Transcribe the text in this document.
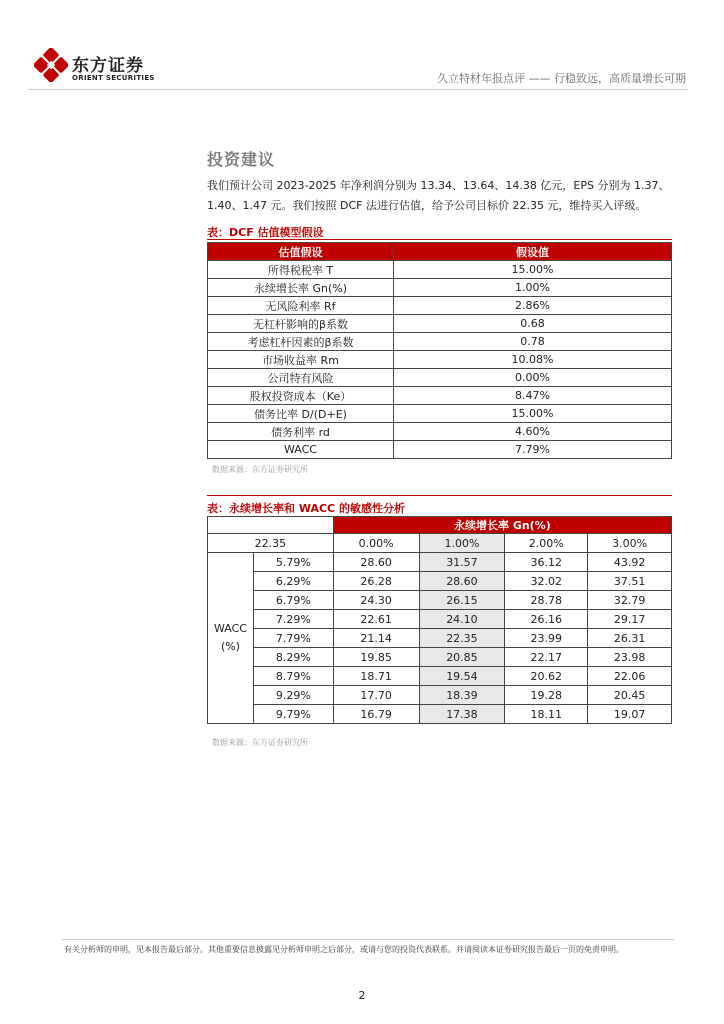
东方证券
ORIENT SECURITIES	久立特材年报点评 —— 行稳致远，高质量增长可期
投资建议
我们预计公司 2023-2025 年净利润分别为 13.34、13.64、14.38 亿元，EPS 分别为 1.37、1.40、1.47 元。我们按照 DCF 法进行估值，给予公司目标价 22.35 元，维持买入评级。
表：DCF 估值模型假设
估值假设	假设值
所得税税率 T	15.00%
永续增长率 Gn(%)	1.00%
无风险利率 Rf	2.86%
无杠杆影响的β系数	0.68
考虑杠杆因素的β系数	0.78
市场收益率 Rm	10.08%
公司特有风险	0.00%
股权投资成本（Ke）	8.47%
债务比率 D/(D+E)	15.00%
债务利率 rd	4.60%
WACC	7.79%
数据来源：东方证券研究所
表：永续增长率和 WACC 的敏感性分析
		永续增长率 Gn(%)			
22.35		0.00%	1.00%	2.00%	3.00%

WACC
(%)	5.79%	28.60	31.57	36.12	43.92
	6.29%	26.28	28.60	32.02	37.51
	6.79%	24.30	26.15	28.78	32.79
	7.29%	22.61	24.10	26.16	29.17
	7.79%	21.14	22.35	23.99	26.31
	8.29%	19.85	20.85	22.17	23.98
	8.79%	18.71	19.54	20.62	22.06
	9.29%	17.70	18.39	19.28	20.45
	9.79%	16.79	17.38	18.11	19.07
数据来源：东方证券研究所
有关分析师的申明，见本报告最后部分。其他重要信息披露见分析师申明之后部分，或请与您的投资代表联系。并请阅读本证券研究报告最后一页的免责申明。
2
